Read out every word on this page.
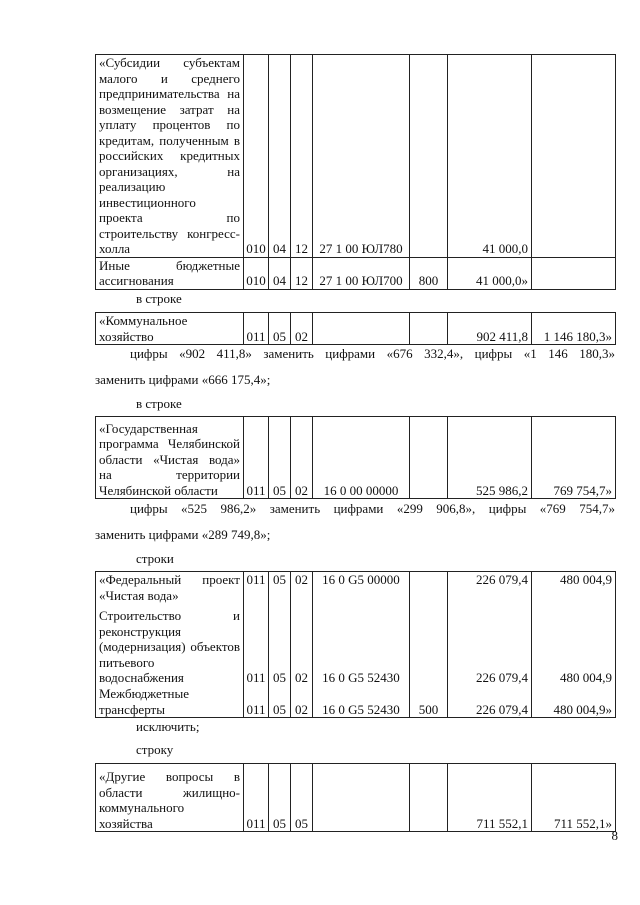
«Субсидии субъектам малого и среднего предпринимательства на возмещение затрат на уплату процентов по кредитам, полученным в российских кредитных организациях, на реализацию инвестиционного проекта по строительству конгресс-холла	010	04	12	27 1 00 ЮЛ780		41 000,0	
Иные бюджетные ассигнования	010	04	12	27 1 00 ЮЛ700	800	41 000,0»	
в строке
«Коммунальное хозяйство	011	05	02			902 411,8	1 146 180,3»
цифры «902 411,8» заменить цифрами «676 332,4», цифры «1 146 180,3»
заменить цифрами «666 175,4»;
в строке
«Государственная программа Челябинской области «Чистая вода» на территории Челябинской области	011	05	02	16 0 00 00000		525 986,2	769 754,7»
цифры «525 986,2» заменить цифрами «299 906,8», цифры «769 754,7»
заменить цифрами «289 749,8»;
строки
«Федеральный проект «Чистая вода»	011	05	02	16 0 G5 00000		226 079,4	480 004,9
Строительство и реконструкция (модернизация) объектов питьевого водоснабжения	011	05	02	16 0 G5 52430		226 079,4	480 004,9
Межбюджетные трансферты	011	05	02	16 0 G5 52430	500	226 079,4	480 004,9»
исключить;
строку
«Другие вопросы в области жилищно-коммунального хозяйства	011	05	05			711 552,1	711 552,1»
8
